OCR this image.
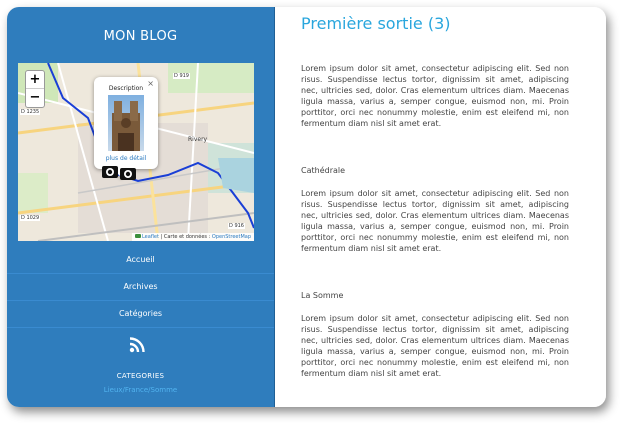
MON BLOG
D 919
D 1235
Rivery
D 1029
D 916
+
−
×
Description
plus de détail
Leaflet | Carte et données : OpenStreetMap
Accueil
Archives
Catégories
CATEGORIES
Lieux/France/Somme
Première sortie (3)
Lorem ipsum dolor sit amet, consectetur adipiscing elit. Sed non risus. Suspendisse lectus tortor, dignissim sit amet, adipiscing nec, ultricies sed, dolor. Cras elementum ultrices diam. Maecenas ligula massa, varius a, semper congue, euismod non, mi. Proin porttitor, orci nec nonummy molestie, enim est eleifend mi, non fermentum diam nisl sit amet erat.
Cathédrale
Lorem ipsum dolor sit amet, consectetur adipiscing elit. Sed non risus. Suspendisse lectus tortor, dignissim sit amet, adipiscing nec, ultricies sed, dolor. Cras elementum ultrices diam. Maecenas ligula massa, varius a, semper congue, euismod non, mi. Proin porttitor, orci nec nonummy molestie, enim est eleifend mi, non fermentum diam nisl sit amet erat.
La Somme
Lorem ipsum dolor sit amet, consectetur adipiscing elit. Sed non risus. Suspendisse lectus tortor, dignissim sit amet, adipiscing nec, ultricies sed, dolor. Cras elementum ultrices diam. Maecenas ligula massa, varius a, semper congue, euismod non, mi. Proin porttitor, orci nec nonummy molestie, enim est eleifend mi, non fermentum diam nisl sit amet erat.
